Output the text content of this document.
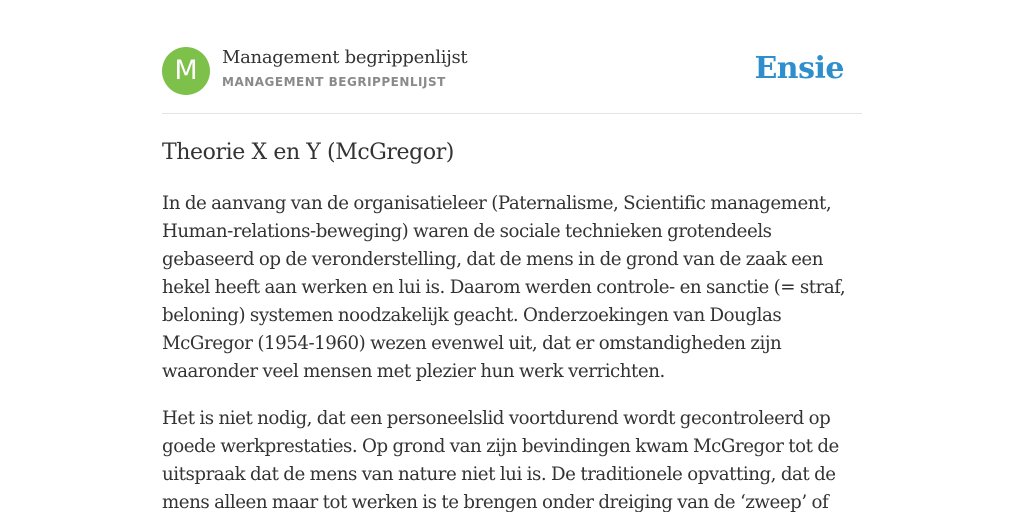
M	Management begrippenlijst
MANAGEMENT BEGRIPPENLIJST	Ensie
Theorie X en Y (McGregor)

In de aanvang van de organisatieleer (Paternalisme, Scientific management, Human-relations-beweging) waren de sociale technieken grotendeels gebaseerd op de veronderstelling, dat de mens in de grond van de zaak een hekel heeft aan werken en lui is. Daarom werden controle- en sanctie (= straf, beloning) systemen noodzakelijk geacht. Onderzoekingen van Douglas McGregor (1954-1960) wezen evenwel uit, dat er omstandigheden zijn waaronder veel mensen met plezier hun werk verrichten.

Het is niet nodig, dat een personeelslid voortdurend wordt gecontroleerd op goede werkprestaties. Op grond van zijn bevindingen kwam McGregor tot de uitspraak dat de mens van nature niet lui is. De traditionele opvatting, dat de mens alleen maar tot werken is te brengen onder dreiging van de ‘zweep’ of
